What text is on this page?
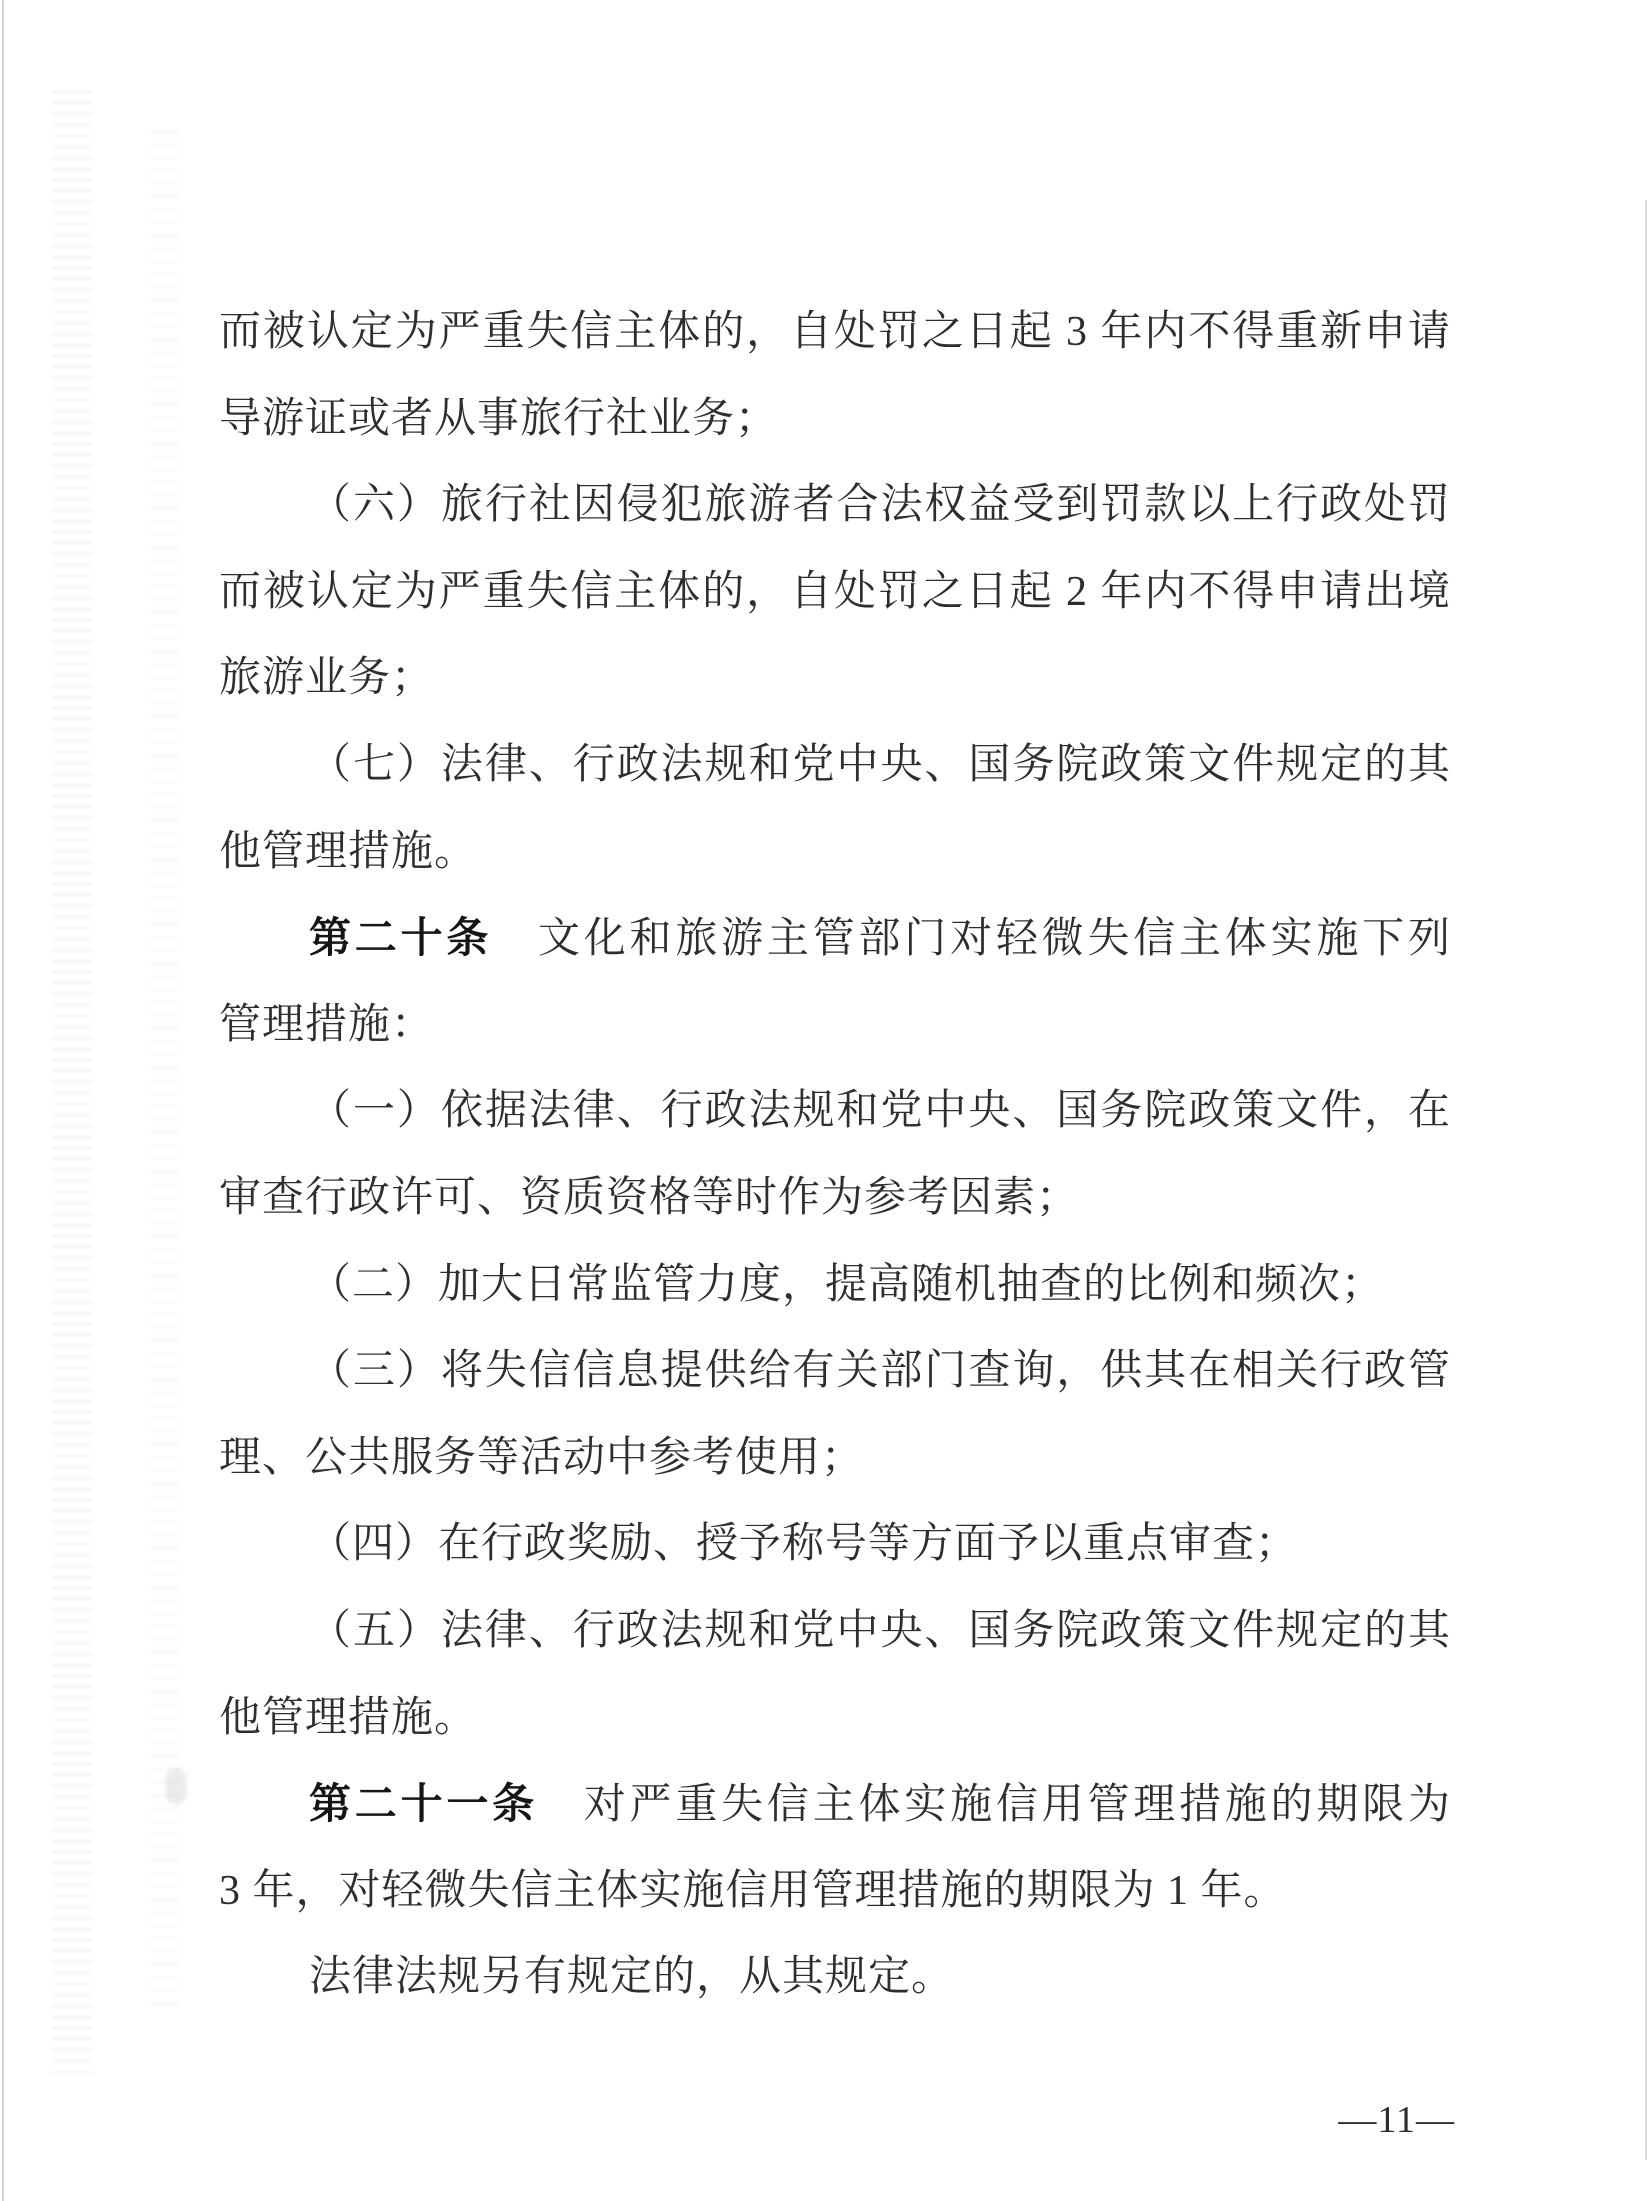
而被认定为严重失信主体的，自处罚之日起 3 年内不得重新申请
导游证或者从事旅行社业务；
（六）旅行社因侵犯旅游者合法权益受到罚款以上行政处罚
而被认定为严重失信主体的，自处罚之日起 2 年内不得申请出境
旅游业务；
（七）法律、行政法规和党中央、国务院政策文件规定的其
他管理措施。
第二十条　文化和旅游主管部门对轻微失信主体实施下列
管理措施：
（一）依据法律、行政法规和党中央、国务院政策文件，在
审查行政许可、资质资格等时作为参考因素；
（二）加大日常监管力度，提高随机抽查的比例和频次；
（三）将失信信息提供给有关部门查询，供其在相关行政管
理、公共服务等活动中参考使用；
（四）在行政奖励、授予称号等方面予以重点审查；
（五）法律、行政法规和党中央、国务院政策文件规定的其
他管理措施。
第二十一条　对严重失信主体实施信用管理措施的期限为
3 年，对轻微失信主体实施信用管理措施的期限为 1 年。
法律法规另有规定的，从其规定。
—11—
